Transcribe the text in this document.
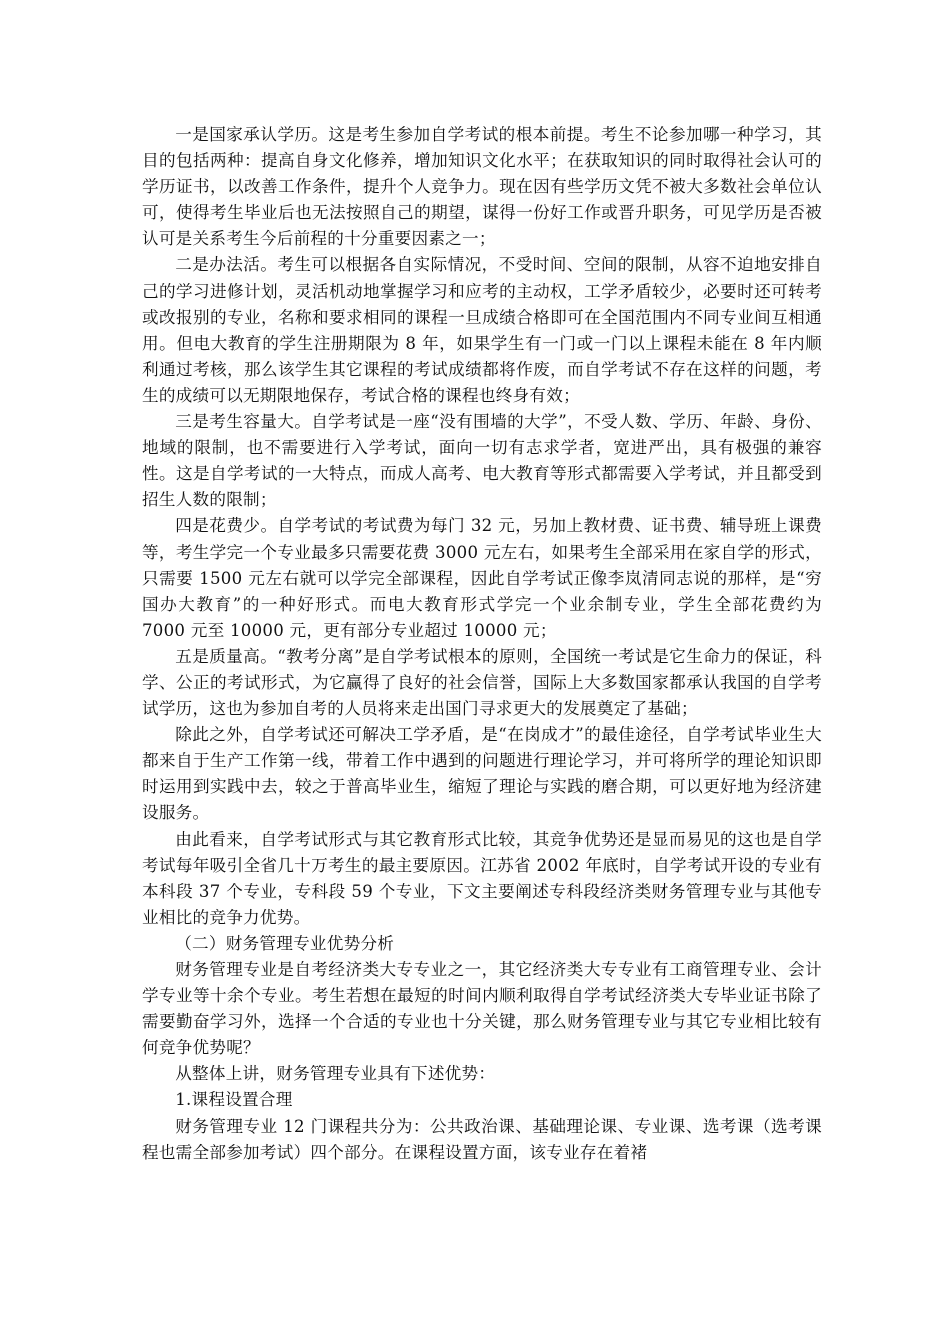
一是国家承认学历。这是考生参加自学考试的根本前提。考生不论参加哪一种学习，其目的包括两种：提高自身文化修养，增加知识文化水平；在获取知识的同时取得社会认可的学历证书，以改善工作条件，提升个人竞争力。现在因有些学历文凭不被大多数社会单位认可，使得考生毕业后也无法按照自己的期望，谋得一份好工作或晋升职务，可见学历是否被认可是关系考生今后前程的十分重要因素之一；

二是办法活。考生可以根据各自实际情况，不受时间、空间的限制，从容不迫地安排自己的学习进修计划，灵活机动地掌握学习和应考的主动权，工学矛盾较少，必要时还可转考或改报别的专业，名称和要求相同的课程一旦成绩合格即可在全国范围内不同专业间互相通用。但电大教育的学生注册期限为 8 年，如果学生有一门或一门以上课程未能在 8 年内顺利通过考核，那么该学生其它课程的考试成绩都将作废，而自学考试不存在这样的问题，考生的成绩可以无期限地保存，考试合格的课程也终身有效；

三是考生容量大。自学考试是一座“没有围墙的大学”，不受人数、学历、年龄、身份、地域的限制，也不需要进行入学考试，面向一切有志求学者，宽进严出，具有极强的兼容性。这是自学考试的一大特点，而成人高考、电大教育等形式都需要入学考试，并且都受到招生人数的限制；

四是花费少。自学考试的考试费为每门 32 元，另加上教材费、证书费、辅导班上课费等，考生学完一个专业最多只需要花费 3000 元左右，如果考生全部采用在家自学的形式，只需要 1500 元左右就可以学完全部课程，因此自学考试正像李岚清同志说的那样，是“穷国办大教育”的一种好形式。而电大教育形式学完一个业余制专业，学生全部花费约为 7000 元至 10000 元，更有部分专业超过 10000 元；

五是质量高。“教考分离”是自学考试根本的原则，全国统一考试是它生命力的保证，科学、公正的考试形式，为它赢得了良好的社会信誉，国际上大多数国家都承认我国的自学考试学历，这也为参加自考的人员将来走出国门寻求更大的发展奠定了基础；

除此之外，自学考试还可解决工学矛盾，是“在岗成才”的最佳途径，自学考试毕业生大都来自于生产工作第一线，带着工作中遇到的问题进行理论学习，并可将所学的理论知识即时运用到实践中去，较之于普高毕业生，缩短了理论与实践的磨合期，可以更好地为经济建设服务。

由此看来，自学考试形式与其它教育形式比较，其竞争优势还是显而易见的这也是自学考试每年吸引全省几十万考生的最主要原因。江苏省 2002 年底时，自学考试开设的专业有本科段 37 个专业，专科段 59 个专业，下文主要阐述专科段经济类财务管理专业与其他专业相比的竞争力优势。

（二）财务管理专业优势分析

财务管理专业是自考经济类大专专业之一，其它经济类大专专业有工商管理专业、会计学专业等十余个专业。考生若想在最短的时间内顺利取得自学考试经济类大专毕业证书除了需要勤奋学习外，选择一个合适的专业也十分关键，那么财务管理专业与其它专业相比较有何竞争优势呢？

从整体上讲，财务管理专业具有下述优势：

1.课程设置合理

财务管理专业 12 门课程共分为：公共政治课、基础理论课、专业课、选考课（选考课程也需全部参加考试）四个部分。在课程设置方面，该专业存在着褚
